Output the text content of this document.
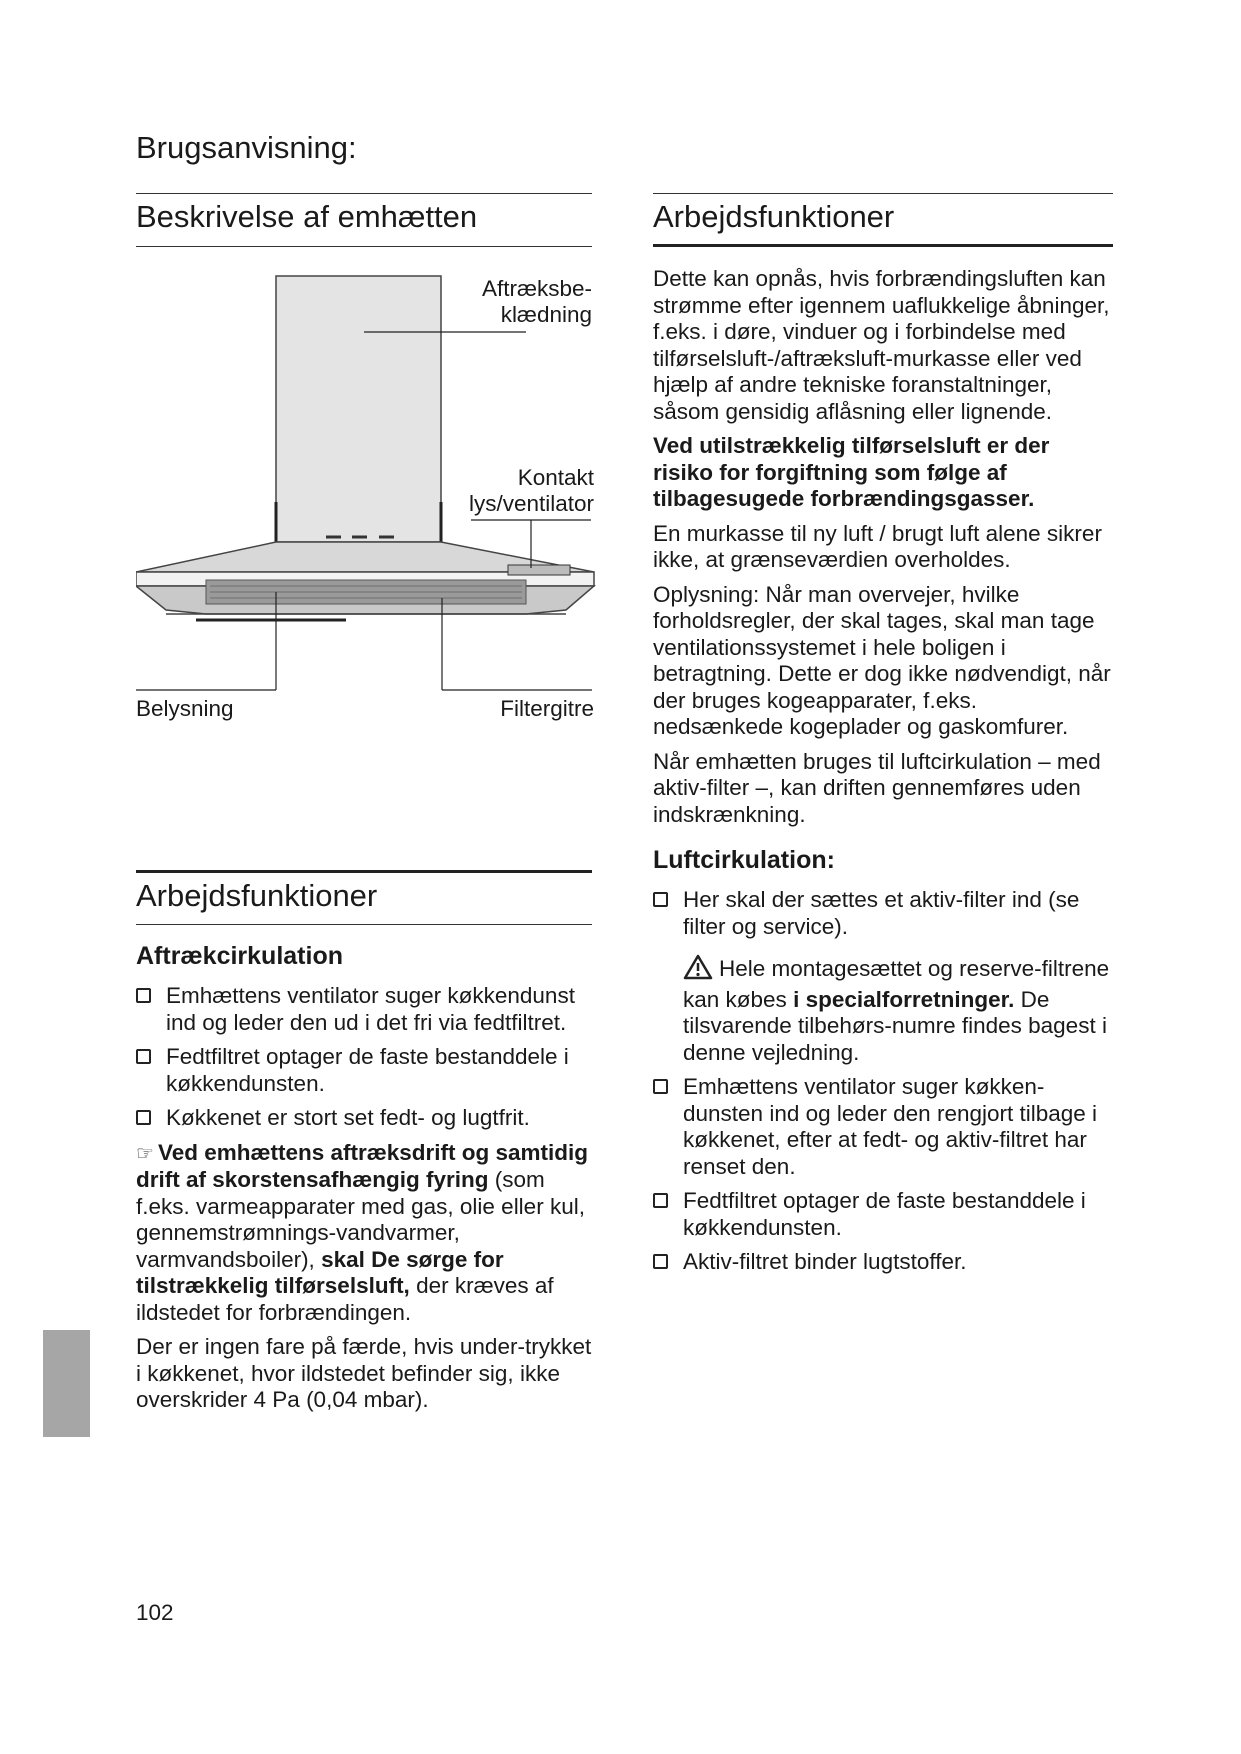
Brugsanvisning:
Beskrivelse af emhætten
Aftræksbe-
klædning
Kontakt
lys/ventilator
Belysning	Filtergitre
Arbejdsfunktioner
Aftrækcirkulation
Emhættens ventilator suger køkkendunst ind og leder den ud i det fri via fedtfiltret.
Fedtfiltret optager de faste bestanddele i køkkendunsten.
Køkkenet er stort set fedt- og lugtfrit.

☞ Ved emhættens aftræksdrift og samtidig drift af skorstensafhængig fyring (som f.eks. varmeapparater med gas, olie eller kul, gennemstrømnings-vandvarmer, varmvandsboiler), skal De sørge for tilstrækkelig tilførselsluft, der kræves af ildstedet for forbrændingen.

Der er ingen fare på færde, hvis under-trykket i køkkenet, hvor ildstedet befinder sig, ikke overskrider 4 Pa (0,04 mbar).

Arbejdsfunktioner

Dette kan opnås, hvis forbrændingsluften kan strømme efter igennem uaflukkelige åbninger, f.eks. i døre, vinduer og i forbindelse med tilførselsluft-/aftræksluft-murkasse eller ved hjælp af andre tekniske foranstaltninger, såsom gensidig aflåsning eller lignende.

Ved utilstrækkelig tilførselsluft er der risiko for forgiftning som følge af tilbagesugede forbrændingsgasser.

En murkasse til ny luft / brugt luft alene sikrer ikke, at grænseværdien overholdes.

Oplysning: Når man overvejer, hvilke forholdsregler, der skal tages, skal man tage ventilationssystemet i hele boligen i betragtning. Dette er dog ikke nødvendigt, når der bruges kogeapparater, f.eks. nedsænkede kogeplader og gaskomfurer.

Når emhætten bruges til luftcirkulation – med aktiv-filter –, kan driften gennemføres uden indskrænkning.

Luftcirkulation:
Her skal der sættes et aktiv-filter ind (se filter og service).
Hele montagesættet og reserve-filtrene kan købes i specialforretninger. De tilsvarende tilbehørs-numre findes bagest i denne vejledning.
Emhættens ventilator suger køkken-dunsten ind og leder den rengjort tilbage i køkkenet, efter at fedt- og aktiv-filtret har renset den.
Fedtfiltret optager de faste bestanddele i køkkendunsten.
Aktiv-filtret binder lugtstoffer.
102
